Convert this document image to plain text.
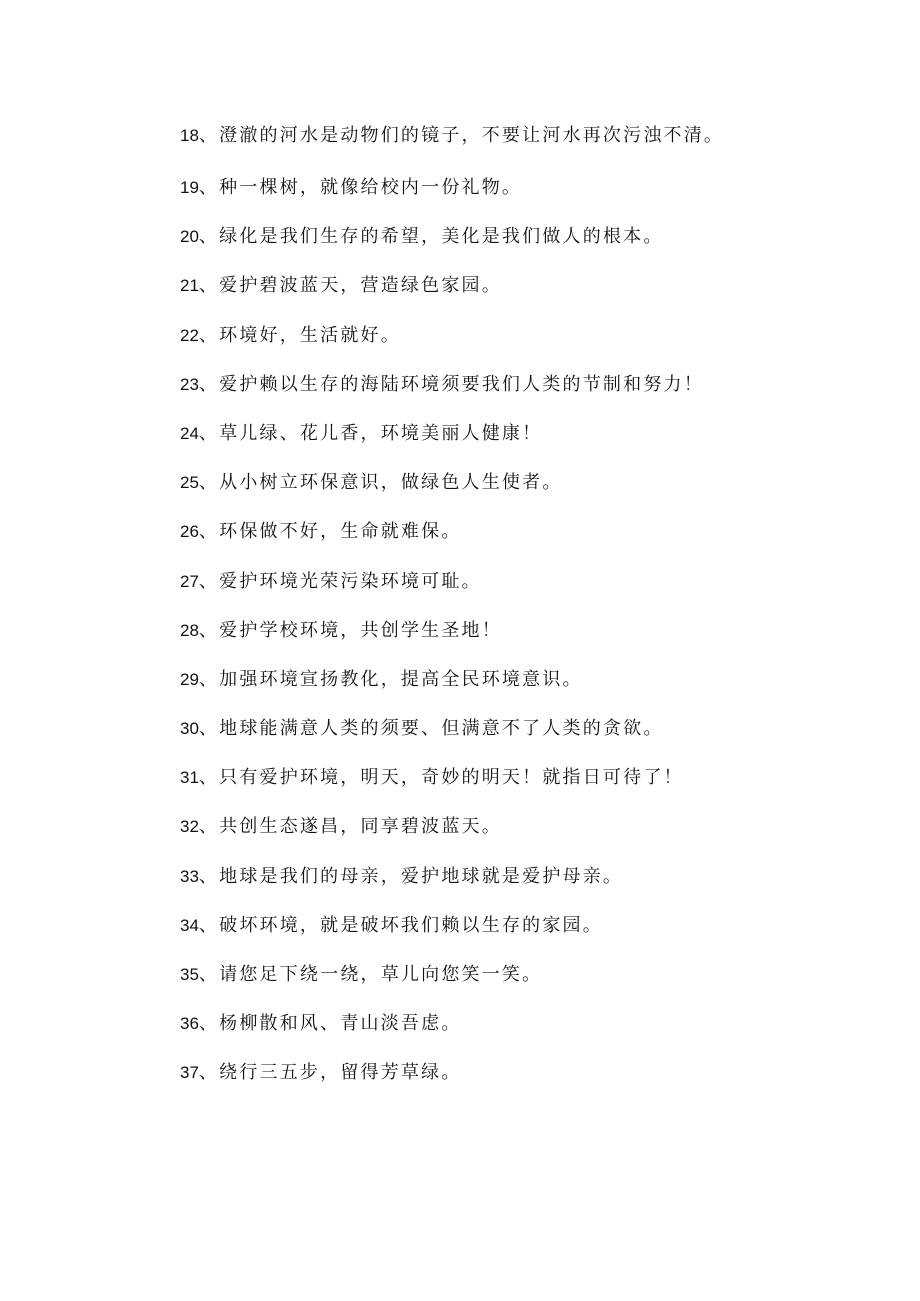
18、澄澈的河水是动物们的镜子，不要让河水再次污浊不清。
19、种一棵树，就像给校内一份礼物。
20、绿化是我们生存的希望，美化是我们做人的根本。
21、爱护碧波蓝天，营造绿色家园。
22、环境好，生活就好。
23、爱护赖以生存的海陆环境须要我们人类的节制和努力！
24、草儿绿、花儿香，环境美丽人健康！
25、从小树立环保意识，做绿色人生使者。
26、环保做不好，生命就难保。
27、爱护环境光荣污染环境可耻。
28、爱护学校环境，共创学生圣地！
29、加强环境宣扬教化，提高全民环境意识。
30、地球能满意人类的须要、但满意不了人类的贪欲。
31、只有爱护环境，明天，奇妙的明天！就指日可待了！
32、共创生态遂昌，同享碧波蓝天。
33、地球是我们的母亲，爱护地球就是爱护母亲。
34、破坏环境，就是破坏我们赖以生存的家园。
35、请您足下绕一绕，草儿向您笑一笑。
36、杨柳散和风、青山淡吾虑。
37、绕行三五步，留得芳草绿。
